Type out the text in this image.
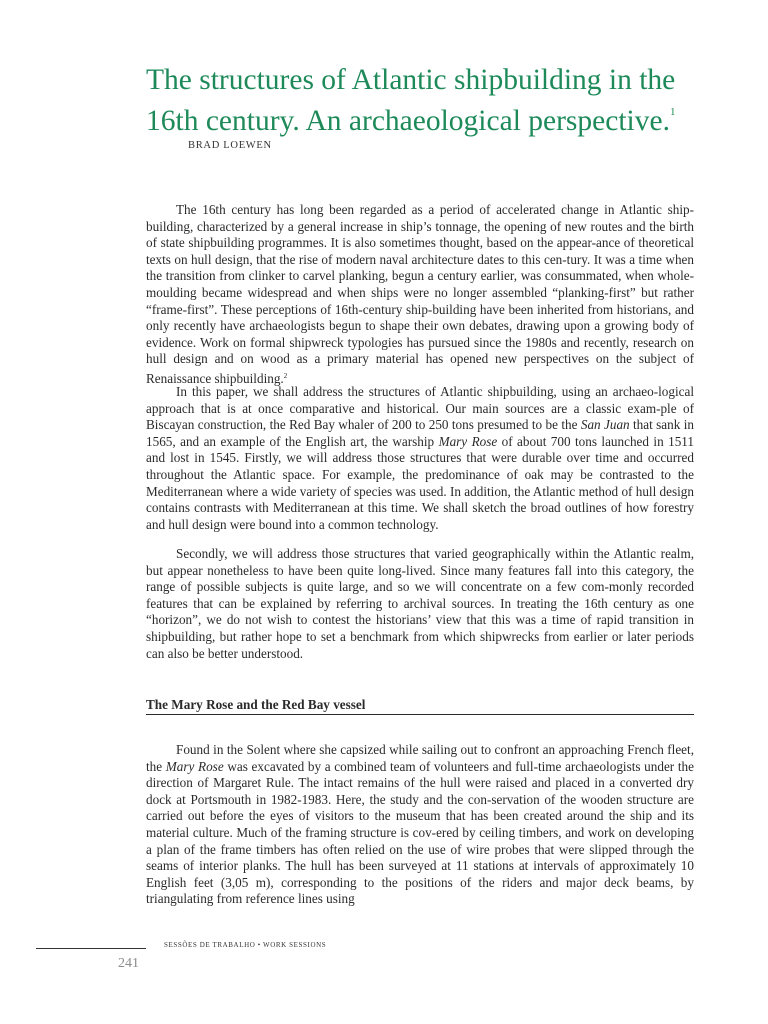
The structures of Atlantic shipbuilding in the 16th century. An archaeological perspective.$^1$
BRAD LOEWEN

The 16th century has long been regarded as a period of accelerated change in Atlantic ship-building, characterized by a general increase in ship’s tonnage, the opening of new routes and the birth of state shipbuilding programmes. It is also sometimes thought, based on the appear-ance of theoretical texts on hull design, that the rise of modern naval architecture dates to this cen-tury. It was a time when the transition from clinker to carvel planking, begun a century earlier, was consummated, when whole-moulding became widespread and when ships were no longer assembled “planking-first” but rather “frame-first”. These perceptions of 16th-century ship-building have been inherited from historians, and only recently have archaeologists begun to shape their own debates, drawing upon a growing body of evidence. Work on formal shipwreck typologies has pursued since the 1980s and recently, research on hull design and on wood as a primary material has opened new perspectives on the subject of Renaissance shipbuilding.$^2$

In this paper, we shall address the structures of Atlantic shipbuilding, using an archaeo-logical approach that is at once comparative and historical. Our main sources are a classic exam-ple of Biscayan construction, the Red Bay whaler of 200 to 250 tons presumed to be the San Juan that sank in 1565, and an example of the English art, the warship Mary Rose of about 700 tons launched in 1511 and lost in 1545. Firstly, we will address those structures that were durable over time and occurred throughout the Atlantic space. For example, the predominance of oak may be contrasted to the Mediterranean where a wide variety of species was used. In addition, the Atlantic method of hull design contains contrasts with Mediterranean at this time. We shall sketch the broad outlines of how forestry and hull design were bound into a common technology.

Secondly, we will address those structures that varied geographically within the Atlantic realm, but appear nonetheless to have been quite long-lived. Since many features fall into this category, the range of possible subjects is quite large, and so we will concentrate on a few com-monly recorded features that can be explained by referring to archival sources. In treating the 16th century as one “horizon”, we do not wish to contest the historians’ view that this was a time of rapid transition in shipbuilding, but rather hope to set a benchmark from which shipwrecks from earlier or later periods can also be better understood.

The Mary Rose and the Red Bay vessel

Found in the Solent where she capsized while sailing out to confront an approaching French fleet, the Mary Rose was excavated by a combined team of volunteers and full-time archaeologists under the direction of Margaret Rule. The intact remains of the hull were raised and placed in a converted dry dock at Portsmouth in 1982-1983. Here, the study and the con-servation of the wooden structure are carried out before the eyes of visitors to the museum that has been created around the ship and its material culture. Much of the framing structure is cov-ered by ceiling timbers, and work on developing a plan of the frame timbers has often relied on the use of wire probes that were slipped through the seams of interior planks. The hull has been surveyed at 11 stations at intervals of approximately 10 English feet (3,05 m), corresponding to the positions of the riders and major deck beams, by triangulating from reference lines using

SESSÕES DE TRABALHO • WORK SESSIONS
241
